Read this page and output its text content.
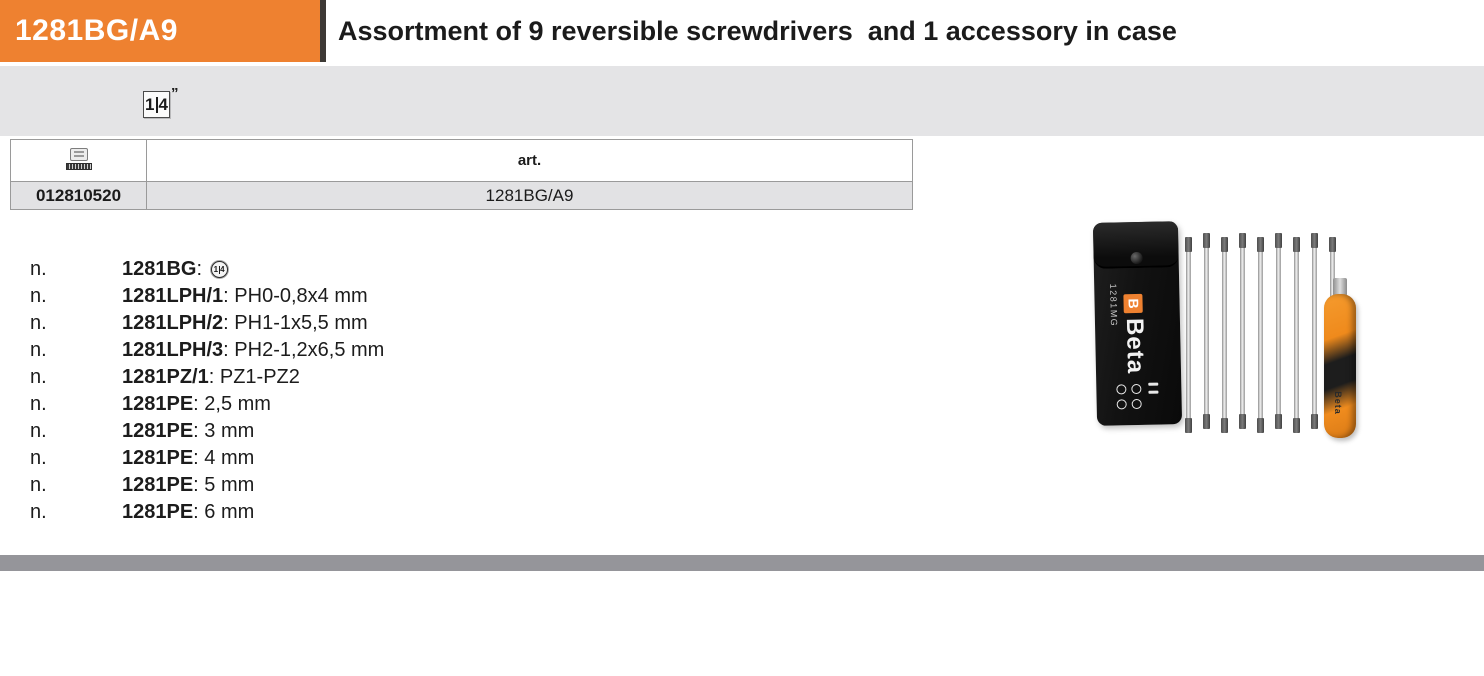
1281BG/A9	Assortment of 9 reversible screwdrivers  and 1 accessory in case
1 4
”
	art.
012810520	1281BG/A9
n.	1281BG : 1 4
n.	1281LPH/1 : PH0-0,8x4 mm
n.	1281LPH/2 : PH1-1x5,5 mm
n.	1281LPH/3 : PH2-1,2x6,5 mm
n.	1281PZ/1 : PZ1-PZ2
n.	1281PE : 2,5 mm
n.	1281PE : 3 mm
n.	1281PE : 4 mm
n.	1281PE : 5 mm
n.	1281PE : 6 mm
1281MG B
Beta
Beta
